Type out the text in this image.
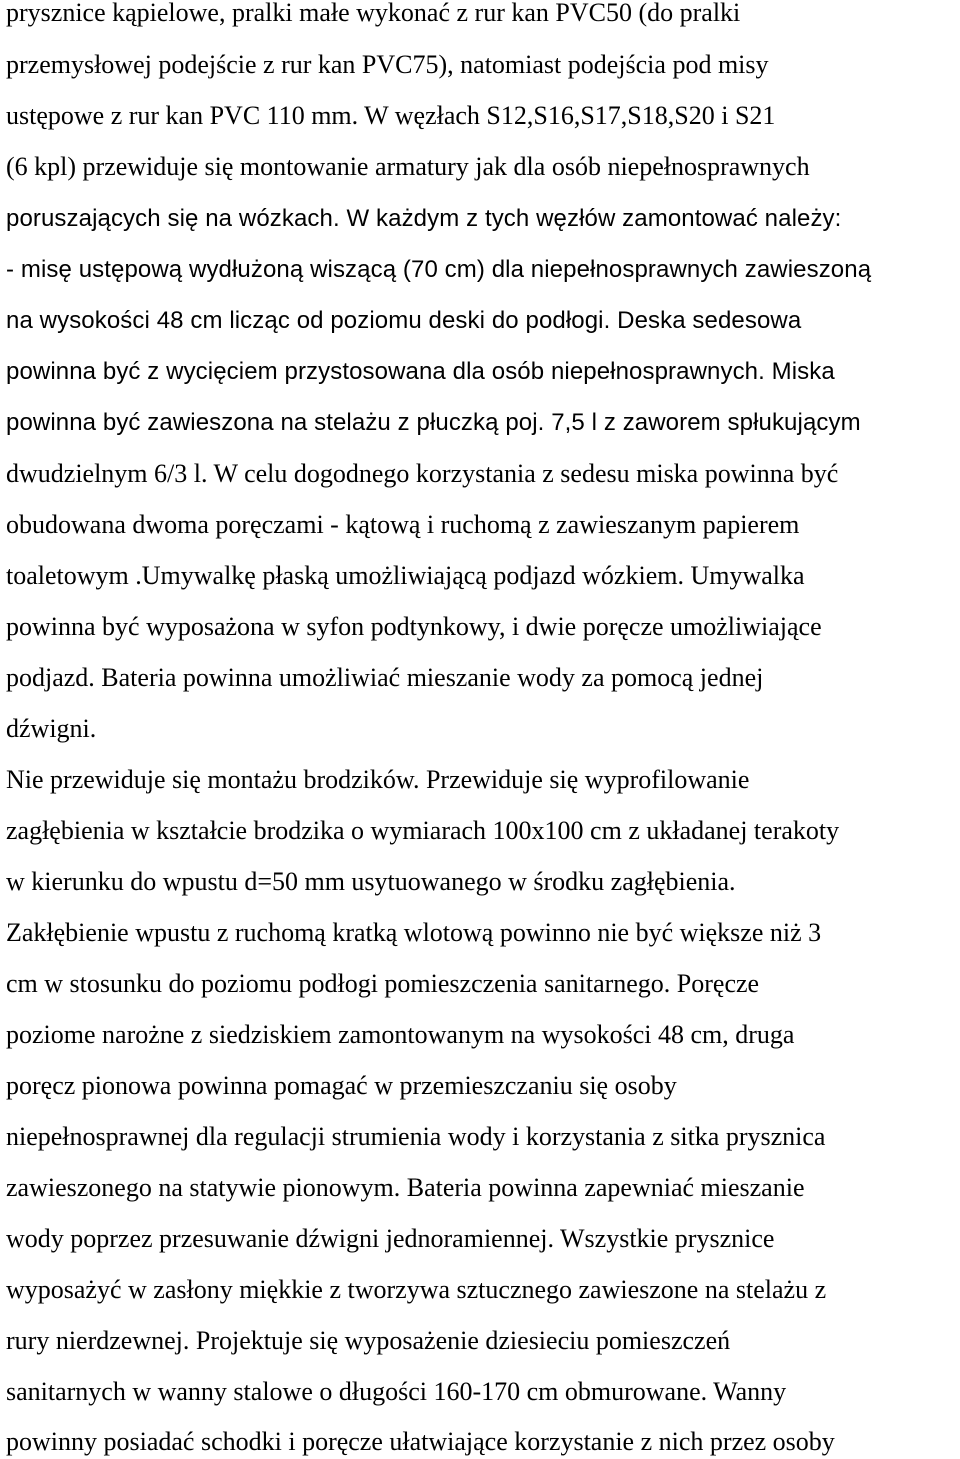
prysznice kąpielowe, pralki małe wykonać z rur kan PVC50 (do pralki

przemysłowej podejście z rur kan PVC75), natomiast podejścia pod misy

ustępowe z rur kan PVC 110 mm. W węzłach S12,S16,S17,S18,S20 i S21

(6 kpl) przewiduje się montowanie armatury jak dla osób niepełnosprawnych

poruszających się na wózkach. W każdym z tych węzłów zamontować należy:

- misę ustępową wydłużoną wiszącą (70 cm) dla niepełnosprawnych zawieszoną

na wysokości 48 cm licząc od poziomu deski do podłogi. Deska sedesowa

powinna być z wycięciem przystosowana dla osób niepełnosprawnych. Miska

powinna być zawieszona na stelażu z płuczką poj. 7,5 l z zaworem spłukującym

dwudzielnym 6/3 l. W celu dogodnego korzystania z sedesu miska powinna być

obudowana dwoma poręczami - kątową i ruchomą z zawieszanym papierem

toaletowym .Umywalkę płaską umożliwiającą podjazd wózkiem. Umywalka

powinna być wyposażona w syfon podtynkowy, i dwie poręcze umożliwiające

podjazd. Bateria powinna umożliwiać mieszanie wody za pomocą jednej

dźwigni.

Nie przewiduje się montażu brodzików. Przewiduje się wyprofilowanie

zagłębienia w kształcie brodzika o wymiarach 100x100 cm z układanej terakoty

w kierunku do wpustu d=50 mm usytuowanego w środku zagłębienia.

Zakłębienie wpustu z ruchomą kratką wlotową powinno nie być większe niż 3

cm w stosunku do poziomu podłogi pomieszczenia sanitarnego. Poręcze

poziome narożne z siedziskiem zamontowanym na wysokości 48 cm, druga

poręcz pionowa powinna pomagać w przemieszczaniu się osoby

niepełnosprawnej dla regulacji strumienia wody i korzystania z sitka prysznica

zawieszonego na statywie pionowym. Bateria powinna zapewniać mieszanie

wody poprzez przesuwanie dźwigni jednoramiennej. Wszystkie prysznice

wyposażyć w zasłony miękkie z tworzywa sztucznego zawieszone na stelażu z

rury nierdzewnej. Projektuje się wyposażenie dziesieciu pomieszczeń

sanitarnych w wanny stalowe o długości 160-170 cm obmurowane. Wanny

powinny posiadać schodki i poręcze ułatwiające korzystanie z nich przez osoby
